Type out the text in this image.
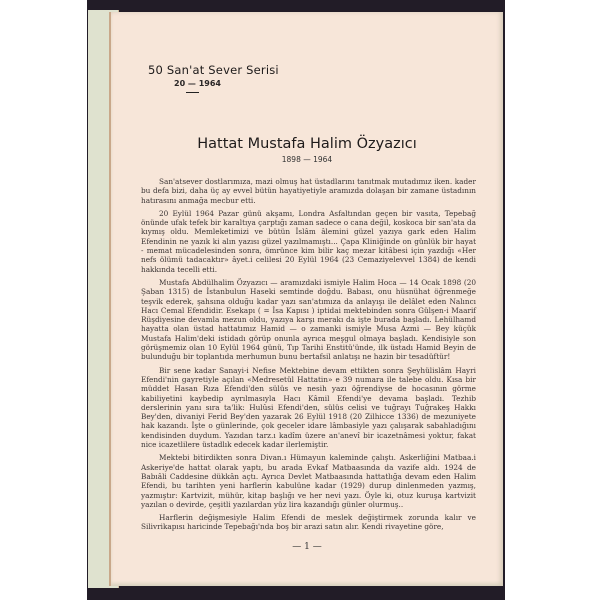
50 San'at Sever Serisi
20 — 1964
Hattat Mustafa Halim Özyazıcı
1898 — 1964

San'atsever dostlarımıza, mazi olmuş hat üstadlarını tanıtmak mutadımız iken. kader bu defa bizi, daha üç ay evvel bütün hayatiyetiyle aramızda dolaşan bir zamane üstadının hatırasını anmağa mecbur etti.

20 Eylül 1964 Pazar günü akşamı, Londra Asfaltından geçen bir vasıta, Tepebağ önünde ufak tefek bir karaltıya çarptığı zaman sadece o cana değil, koskoca bir san'ata da kıymış oldu. Memleketimizi ve bütün İslâm âlemini güzel yazıya gark eden Halim Efendinin ne yazık ki alın yazısı güzel yazılmamıştı... Çapa Kliniğinde on günlük bir hayat - memat mücadelesinden sonra, ömrünce kim bilir kaç mezar kitâbesi için yazdığı «Her nefs ölümü tadacaktır» âyet.i celilesi 20 Eylül 1964 (23 Cemaziyelevvel 1384) de kendi hakkında tecelli etti.

Mustafa Abdülhalim Özyazıcı — aramızdaki ismiyle Halim Hoca — 14 Ocak 1898 (20 Şaban 1315) de İstanbulun Haseki semtinde doğdu. Babası, onu hüsnühat öğrenmeğe teşvik ederek, şahsına olduğu kadar yazı san'atımıza da anlayışı ile delâlet eden Nalıncı Hacı Cemal Efendidir. Esekapı ( = İsa Kapısı ) iptidai mektebinden sonra Gülşen-i Maarif Rüşdiyesine devamla mezun oldu, yazıya karşı merakı da işte burada başladı. Lehülhamd hayatta olan üstad hattatımız Hamid — o zamanki ismiyle Musa Azmi — Bey küçük Mustafa Halim'deki istidadı görüp onunla ayrıca meşgul olmaya başladı. Kendisiyle son görüşmemiz olan 10 Eylül 1964 günü, Tıp Tarihi Enstitü'ünde, ilk üstadı Hamid Beyin de bulunduğu bir toplantıda merhumun bunu bertafsil anlatışı ne hazin bir tesadüftür!

Bir sene kadar Sanayi-i Nefise Mektebine devam ettikten sonra Şeyhülislâm Hayri Efendi'nin gayretiyle açılan «Medresetül Hattatin» e 39 numara ile talebe oldu. Kısa bir müddet Hasan Rıza Efendi'den sülüs ve nesih yazı öğrendiyse de hocasının görme kabiliyetini kaybedip ayrılmasıyla Hacı Kâmil Efendi'ye devama başladı. Tezhib derslerinin yanı sıra ta'lik: Hulûsi Efendi'den, sülüs celisi ve tuğrayı Tuğrakeş Hakkı Bey'den, divaniyi Ferid Bey'den yazarak 26 Eylül 1918 (20 Zilhicce 1336) de mezuniyete hak kazandı. İşte o günlerinde, çok geceler idare lâmbasiyle yazı çalışarak sabahladığını kendisinden duydum. Yazıdan tarz.ı kadîm üzere an'anevî bir icazetnâmesi yoktur, fakat nice icazetlilere üstadlık edecek kadar ilerlemiştir.

Mektebi bitirdikten sonra Divan.ı Hümayun kaleminde çalıştı. Askerliğini Matbaa.i Askeriye'de hattat olarak yaptı, bu arada Evkaf Matbaasında da vazife aldı. 1924 de Babıâli Caddesine dükkân açtı. Ayrıca Devlet Matbaasında hattatlığa devam eden Halim Efendi, bu tarihten yeni harflerin kabulüne kadar (1929) durup dinlenmeden yazmış, yazmıştır: Kartvizit, mühür, kitap başlığı ve her nevi yazı. Öyle ki, otuz kuruşa kartvizit yazılan o devirde, çeşitli yazılardan yüz lira kazandığı günler olurmuş..

Harflerin değişmesiyle Halim Efendi de meslek değiştirmek zorunda kalır ve Silivrikapısı haricinde Tepebağı'nda boş bir arazi satın alır. Kendi rivayetine göre,

— 1 —
